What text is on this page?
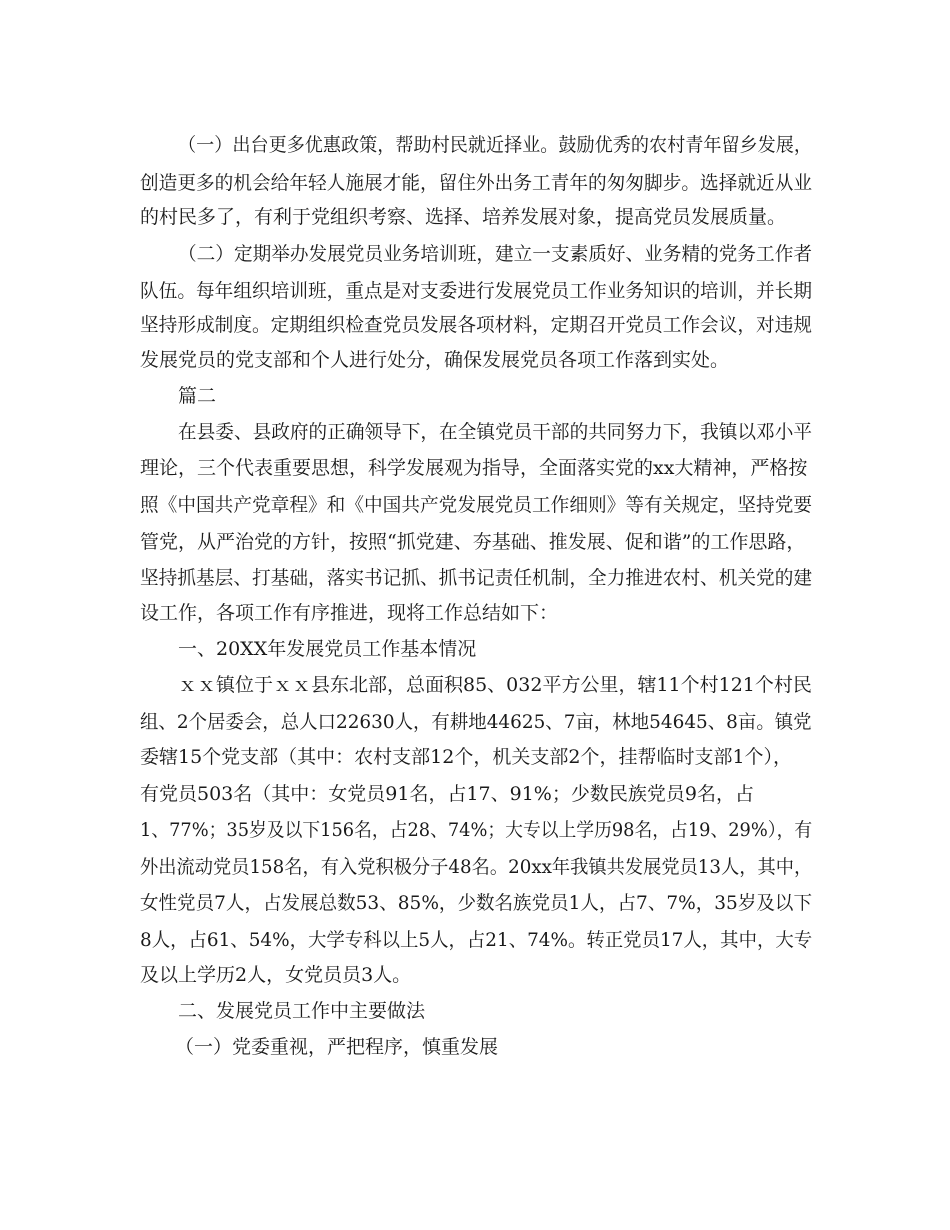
（一）出台更多优惠政策，帮助村民就近择业。鼓励优秀的农村青年留乡发展，
创造更多的机会给年轻人施展才能，留住外出务工青年的匆匆脚步。选择就近从业
的村民多了，有利于党组织考察、选择、培养发展对象，提高党员发展质量。
（二）定期举办发展党员业务培训班，建立一支素质好、业务精的党务工作者
队伍。每年组织培训班，重点是对支委进行发展党员工作业务知识的培训，并长期
坚持形成制度。定期组织检查党员发展各项材料，定期召开党员工作会议，对违规
发展党员的党支部和个人进行处分，确保发展党员各项工作落到实处。
篇二
在县委、县政府的正确领导下，在全镇党员干部的共同努力下，我镇以邓小平
理论，三个代表重要思想，科学发展观为指导，全面落实党的xx大精神，严格按
照《中国共产党章程》和《中国共产党发展党员工作细则》等有关规定，坚持党要
管党，从严治党的方针，按照“抓党建、夯基础、推发展、促和谐”的工作思路，
坚持抓基层、打基础，落实书记抓、抓书记责任机制，全力推进农村、机关党的建
设工作，各项工作有序推进，现将工作总结如下：
一、20XX年发展党员工作基本情况
ｘｘ镇位于ｘｘ县东北部，总面积85、032平方公里，辖11个村121个村民
组、2个居委会，总人口22630人，有耕地44625、7亩，林地54645、8亩。镇党
委辖15个党支部（其中：农村支部12个，机关支部2个，挂帮临时支部1个），
有党员503名（其中：女党员91名，占17、91%；少数民族党员9名，占
1、77%；35岁及以下156名，占28、74%；大专以上学历98名，占19、29%），有
外出流动党员158名，有入党积极分子48名。20xx年我镇共发展党员13人，其中，
女性党员7人，占发展总数53、85%，少数名族党员1人，占7、7%，35岁及以下
8人，占61、54%，大学专科以上5人，占21、74%。转正党员17人，其中，大专
及以上学历2人，女党员员3人。
二、发展党员工作中主要做法
（一）党委重视，严把程序，慎重发展
